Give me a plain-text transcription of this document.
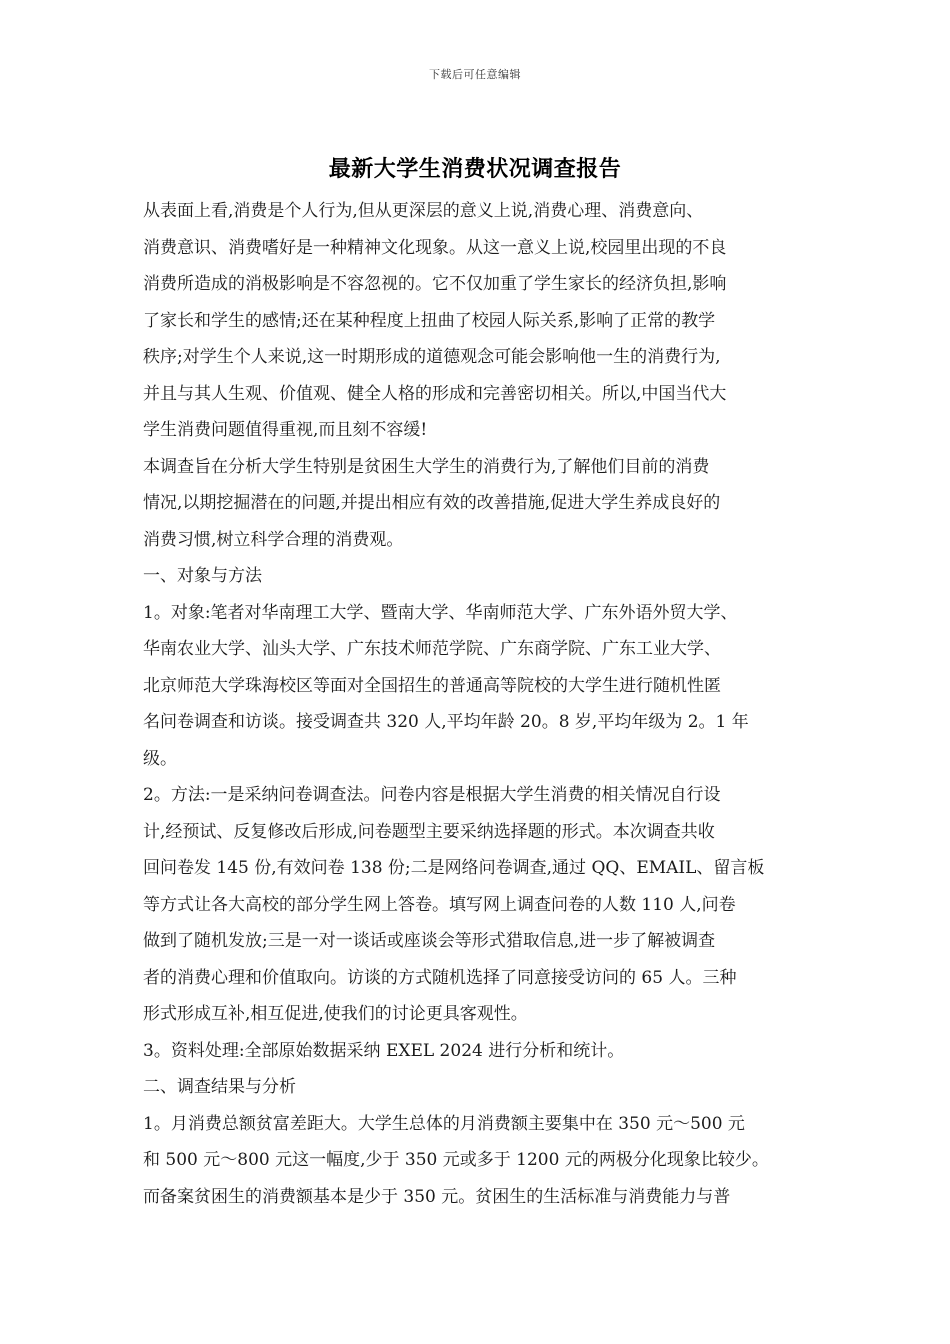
下载后可任意编辑
最新大学生消费状况调查报告
从表面上看,消费是个人行为,但从更深层的意义上说,消费心理、消费意向、
消费意识、消费嗜好是一种精神文化现象。从这一意义上说,校园里出现的不良
消费所造成的消极影响是不容忽视的。它不仅加重了学生家长的经济负担,影响
了家长和学生的感情;还在某种程度上扭曲了校园人际关系,影响了正常的教学
秩序;对学生个人来说,这一时期形成的道德观念可能会影响他一生的消费行为,
并且与其人生观、价值观、健全人格的形成和完善密切相关。所以,中国当代大
学生消费问题值得重视,而且刻不容缓!
本调查旨在分析大学生特别是贫困生大学生的消费行为,了解他们目前的消费
情况,以期挖掘潜在的问题,并提出相应有效的改善措施,促进大学生养成良好的
消费习惯,树立科学合理的消费观。
一、对象与方法
1。对象:笔者对华南理工大学、暨南大学、华南师范大学、广东外语外贸大学、
华南农业大学、汕头大学、广东技术师范学院、广东商学院、广东工业大学、
北京师范大学珠海校区等面对全国招生的普通高等院校的大学生进行随机性匿
名问卷调查和访谈。接受调查共 320 人,平均年龄 20。8 岁,平均年级为 2。1 年
级。
2。方法:一是采纳问卷调查法。问卷内容是根据大学生消费的相关情况自行设
计,经预试、反复修改后形成,问卷题型主要采纳选择题的形式。本次调查共收
回问卷发 145 份,有效问卷 138 份;二是网络问卷调查,通过 QQ、EMAIL、留言板
等方式让各大高校的部分学生网上答卷。填写网上调查问卷的人数 110 人,问卷
做到了随机发放;三是一对一谈话或座谈会等形式猎取信息,进一步了解被调查
者的消费心理和价值取向。访谈的方式随机选择了同意接受访问的 65 人。三种
形式形成互补,相互促进,使我们的讨论更具客观性。
3。资料处理:全部原始数据采纳 EXEL 2024 进行分析和统计。
二、调查结果与分析
1。月消费总额贫富差距大。大学生总体的月消费额主要集中在 350 元～500 元
和 500 元～800 元这一幅度,少于 350 元或多于 1200 元的两极分化现象比较少。
而备案贫困生的消费额基本是少于 350 元。贫困生的生活标准与消费能力与普
